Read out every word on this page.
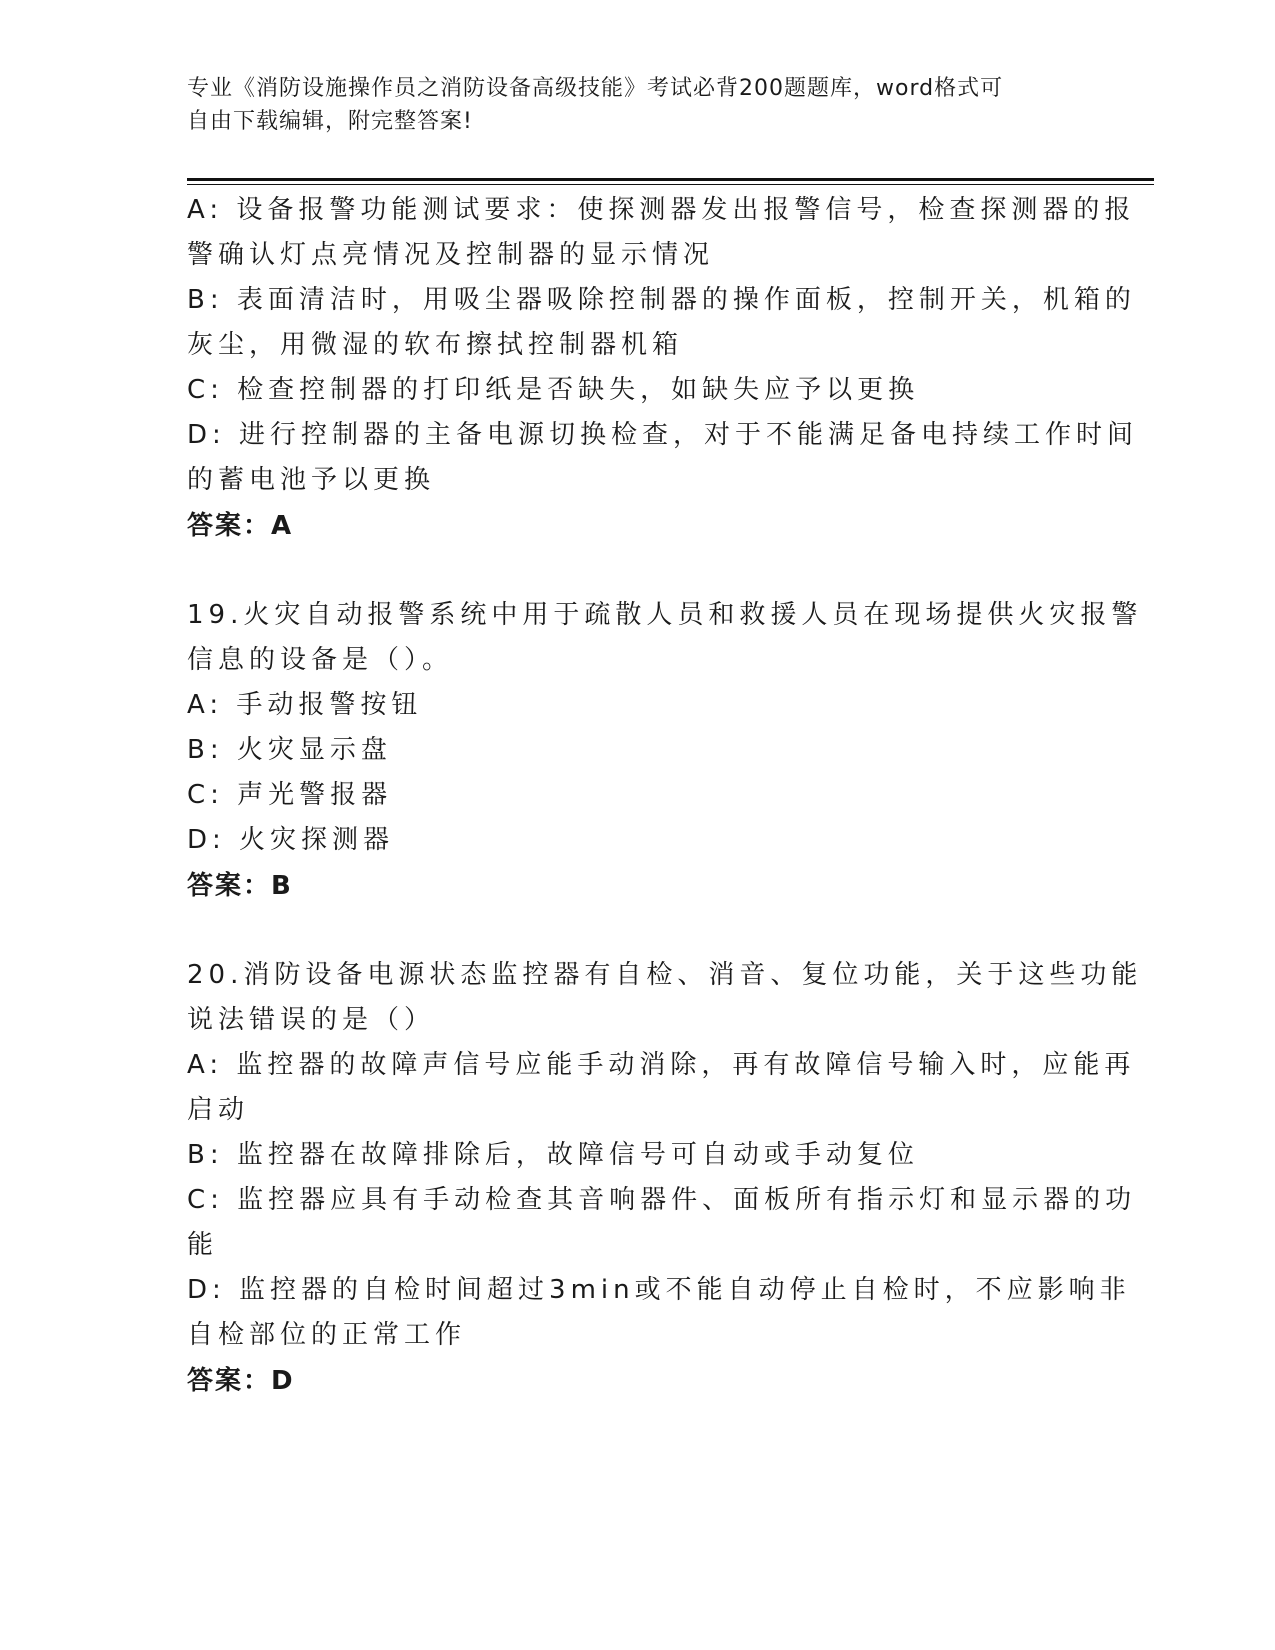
专业《消防设施操作员之消防设备高级技能》考试必背200题题库，word格式可
自由下载编辑，附完整答案!
A: 设备报警功能测试要求：使探测器发出报警信号，检查探测器的报
警确认灯点亮情况及控制器的显示情况
B: 表面清洁时，用吸尘器吸除控制器的操作面板，控制开关，机箱的
灰尘，用微湿的软布擦拭控制器机箱
C: 检查控制器的打印纸是否缺失，如缺失应予以更换
D: 进行控制器的主备电源切换检查，对于不能满足备电持续工作时间
的蓄电池予以更换
答案：A
19.火灾自动报警系统中用于疏散人员和救援人员在现场提供火灾报警
信息的设备是（）。
A: 手动报警按钮
B: 火灾显示盘
C: 声光警报器
D: 火灾探测器
答案：B
20.消防设备电源状态监控器有自检、消音、复位功能，关于这些功能
说法错误的是（）
A: 监控器的故障声信号应能手动消除，再有故障信号输入时，应能再
启动
B: 监控器在故障排除后，故障信号可自动或手动复位
C: 监控器应具有手动检查其音响器件、面板所有指示灯和显示器的功
能
D: 监控器的自检时间超过3min或不能自动停止自检时，不应影响非
自检部位的正常工作
答案：D
